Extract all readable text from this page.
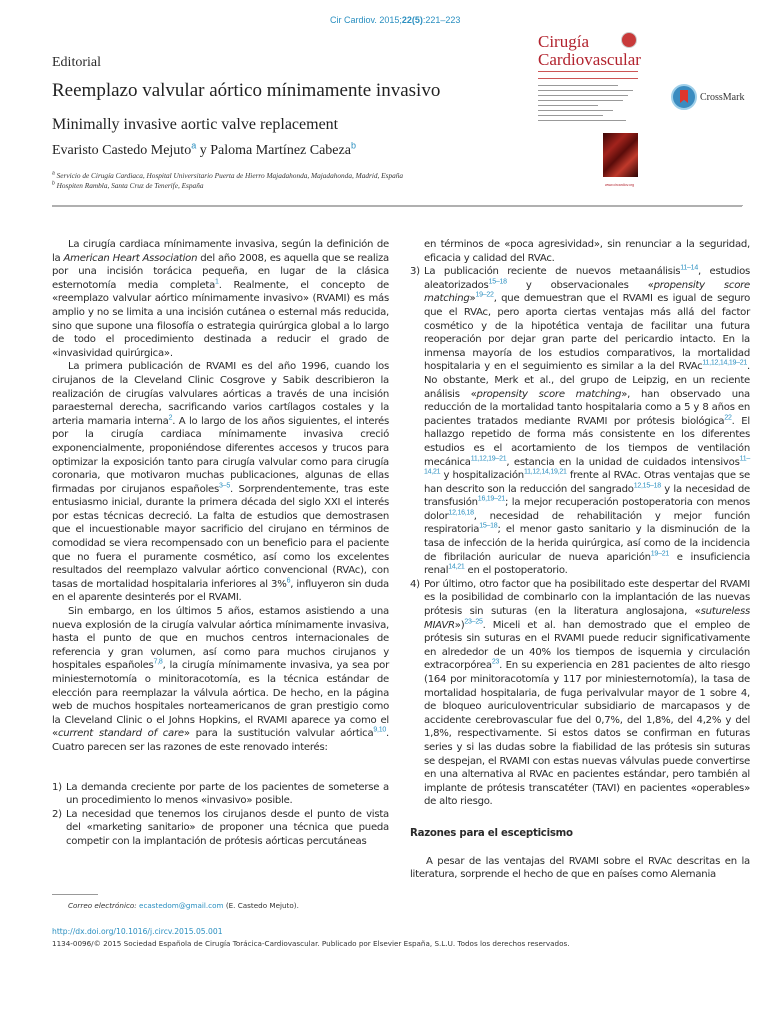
Cir Cardiov. 2015;22(5):221–223
Editorial
Reemplazo valvular aórtico mínimamente invasivo
Minimally invasive aortic valve replacement
Evaristo Castedo Mejuto$^a$ y Paloma Martínez Cabeza$^b$
$^a$ Servicio de Cirugía Cardiaca, Hospital Universitario Puerta de Hierro Majadahonda, Majadahonda, Madrid, España
$^b$ Hospiten Rambla, Santa Cruz de Tenerife, España
Cirugía
Cardiovascular
www.circardiov.org
CrossMark

La cirugía cardiaca mínimamente invasiva, según la definición de la American Heart Association del año 2008, es aquella que se realiza por una incisión torácica pequeña, en lugar de la clásica esternotomía media completa$^1$. Realmente, el concepto de «reemplazo valvular aórtico mínimamente invasivo» (RVAMI) es más amplio y no se limita a una incisión cutánea o esternal más reducida, sino que supone una filosofía o estrategia quirúrgica global a lo largo de todo el procedimiento destinada a reducir el grado de «invasividad quirúrgica».

La primera publicación de RVAMI es del año 1996, cuando los cirujanos de la Cleveland Clinic Cosgrove y Sabik describieron la realización de cirugías valvulares aórticas a través de una incisión paraesternal derecha, sacrificando varios cartílagos costales y la arteria mamaria interna$^2$. A lo largo de los años siguientes, el interés por la cirugía cardiaca mínimamente invasiva creció exponencialmente, proponiéndose diferentes accesos y trucos para optimizar la exposición tanto para cirugía valvular como para cirugía coronaria, que motivaron muchas publicaciones, algunas de ellas firmadas por cirujanos españoles$^{3-5}$. Sorprendentemente, tras este entusiasmo inicial, durante la primera década del siglo XXI el interés por estas técnicas decreció. La falta de estudios que demostrasen que el incuestionable mayor sacrificio del cirujano en términos de comodidad se viera recompensado con un beneficio para el paciente que no fuera el puramente cosmético, así como los excelentes resultados del reemplazo valvular aórtico convencional (RVAc), con tasas de mortalidad hospitalaria inferiores al 3%$^6$, influyeron sin duda en el aparente desinterés por el RVAMI.

Sin embargo, en los últimos 5 años, estamos asistiendo a una nueva explosión de la cirugía valvular aórtica mínimamente invasiva, hasta el punto de que en muchos centros internacionales de referencia y gran volumen, así como para muchos cirujanos y hospitales españoles$^{7,8}$, la cirugía mínimamente invasiva, ya sea por miniesternotomía o minitoracotomía, es la técnica estándar de elección para reemplazar la válvula aórtica. De hecho, en la página web de muchos hospitales norteamericanos de gran prestigio como la Cleveland Clinic o el Johns Hopkins, el RVAMI aparece ya como el «current standard of care» para la sustitución valvular aórtica$^{9,10}$. Cuatro parecen ser las razones de este renovado interés:

1) La demanda creciente por parte de los pacientes de someterse a un procedimiento lo menos «invasivo» posible.
2) La necesidad que tenemos los cirujanos desde el punto de vista del «marketing sanitario» de proponer una técnica que pueda competir con la implantación de prótesis aórticas percutáneas

en términos de «poca agresividad», sin renunciar a la seguridad, eficacia y calidad del RVAc.

3) La publicación reciente de nuevos metaanálisis$^{11-14}$, estudios aleatorizados$^{15-18}$ y observacionales «propensity score matching»$^{19-22}$, que demuestran que el RVAMI es igual de seguro que el RVAc, pero aporta ciertas ventajas más allá del factor cosmético y de la hipotética ventaja de facilitar una futura reoperación por dejar gran parte del pericardio intacto. En la inmensa mayoría de los estudios comparativos, la mortalidad hospitalaria y en el seguimiento es similar a la del RVAc$^{11,12,14,19-21}$. No obstante, Merk et al., del grupo de Leipzig, en un reciente análisis «propensity score matching», han observado una reducción de la mortalidad tanto hospitalaria como a 5 y 8 años en pacientes tratados mediante RVAMI por prótesis biológica$^{22}$. El hallazgo repetido de forma más consistente en los diferentes estudios es el acortamiento de los tiempos de ventilación mecánica$^{11,12,19-21}$, estancia en la unidad de cuidados intensivos$^{11-14,21}$ y hospitalización$^{11,12,14,19,21}$ frente al RVAc. Otras ventajas que se han descrito son la reducción del sangrado$^{12,15-18}$ y la necesidad de transfusión$^{16,19-21}$; la mejor recuperación postoperatoria con menos dolor$^{12,16,18}$, necesidad de rehabilitación y mejor función respiratoria$^{15-18}$; el menor gasto sanitario y la disminución de la tasa de infección de la herida quirúrgica, así como de la incidencia de fibrilación auricular de nueva aparición$^{19-21}$ e insuficiencia renal$^{14,21}$ en el postoperatorio.
4) Por último, otro factor que ha posibilitado este despertar del RVAMI es la posibilidad de combinarlo con la implantación de las nuevas prótesis sin suturas (en la literatura anglosajona, «sutureless MIAVR»)$^{23-25}$. Miceli et al. han demostrado que el empleo de prótesis sin suturas en el RVAMI puede reducir significativamente en alrededor de un 40% los tiempos de isquemia y circulación extracorpórea$^{23}$. En su experiencia en 281 pacientes de alto riesgo (164 por minitoracotomía y 117 por miniesternotomía), la tasa de mortalidad hospitalaria, de fuga perivalvular mayor de 1 sobre 4, de bloqueo auriculoventricular subsidiario de marcapasos y de accidente cerebrovascular fue del 0,7%, del 1,8%, del 4,2% y del 1,8%, respectivamente. Si estos datos se confirman en futuras series y si las dudas sobre la fiabilidad de las prótesis sin suturas se despejan, el RVAMI con estas nuevas válvulas puede convertirse en una alternativa al RVAc en pacientes estándar, pero también al implante de prótesis transcatéter (TAVI) en pacientes «operables» de alto riesgo.
Razones para el escepticismo

A pesar de las ventajas del RVAMI sobre el RVAc descritas en la literatura, sorprende el hecho de que en países como Alemania

Correo electrónico: ecastedom@gmail.com (E. Castedo Mejuto).
http://dx.doi.org/10.1016/j.circv.2015.05.001
1134-0096/© 2015 Sociedad Española de Cirugía Torácica-Cardiovascular. Publicado por Elsevier España, S.L.U. Todos los derechos reservados.
